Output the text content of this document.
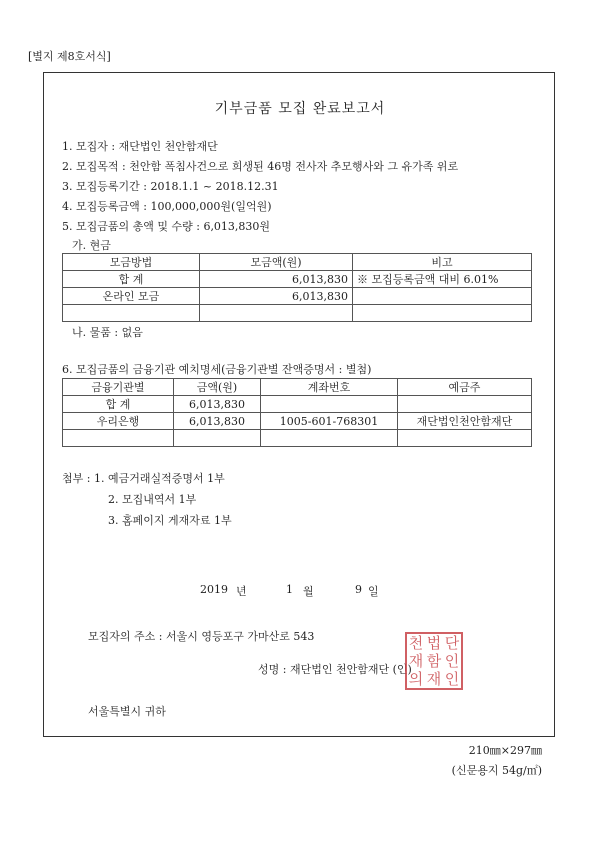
[별지 제8호서식]
기부금품 모집 완료보고서
1. 모집자 : 재단법인 천안함재단
2. 모집목적 : 천안함 폭침사건으로 희생된 46명 전사자 추모행사와 그 유가족 위로
3. 모집등록기간 : 2018.1.1 ~ 2018.12.31
4. 모집등록금액 : 100,000,000원(일억원)
5. 모집금품의 총액 및 수량 : 6,013,830원
가. 현금
모금방법	모금액(원)	비고
합 계	6,013,830	※ 모집등록금액 대비 6.01%
온라인 모금	6,013,830	

나. 물품 : 없음
6. 모집금품의 금융기관 예치명세(금융기관별 잔액증명서 : 별첨)
금융기관별	금액(원)	계좌번호	예금주
합 계	6,013,830		
우리은행	6,013,830	1005-601-768301	재단법인천안함재단

첨부 : 1. 예금거래실적증명서 1부
2. 모집내역서 1부
3. 홈페이지 게재자료 1부
2019 년	1 월	9 일
모집자의 주소 : 서울시 영등포구 가마산로 543
성명 : 재단법인 천안함재단 (인)
천 법 단
재 함 인
의 재 인
서울특별시 귀하
210㎜×297㎜
(신문용지 54g/㎡)
